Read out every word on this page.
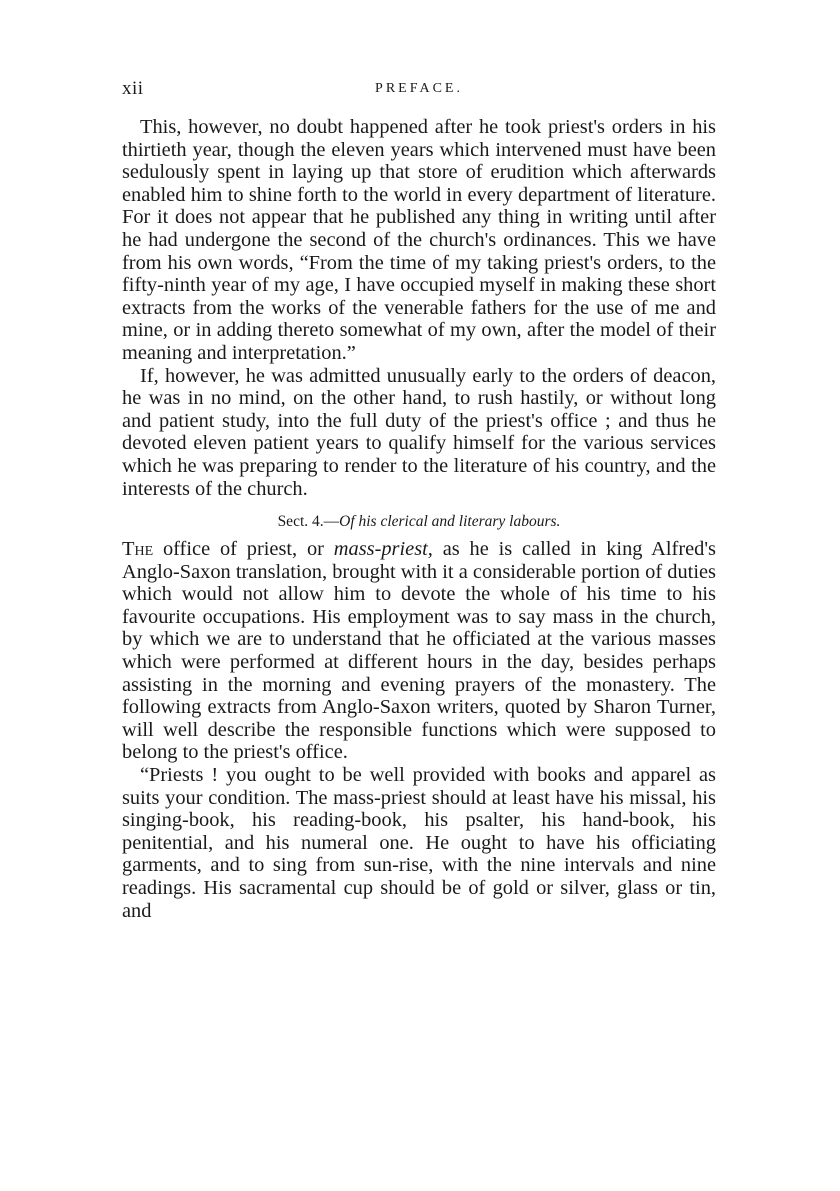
xii	PREFACE.

This, however, no doubt happened after he took priest's orders in his thirtieth year, though the eleven years which intervened must have been sedulously spent in laying up that store of erudition which afterwards enabled him to shine forth to the world in every department of literature. For it does not appear that he published any thing in writing until after he had undergone the second of the church's ordinances. This we have from his own words, “From the time of my taking priest's orders, to the fifty-ninth year of my age, I have occupied myself in making these short extracts from the works of the venerable fathers for the use of me and mine, or in adding thereto somewhat of my own, after the model of their meaning and interpretation.”

If, however, he was admitted unusually early to the orders of deacon, he was in no mind, on the other hand, to rush hastily, or without long and patient study, into the full duty of the priest's office ; and thus he devoted eleven patient years to qualify himself for the various services which he was preparing to render to the literature of his country, and the interests of the church.

Sect. 4.—Of his clerical and literary labours.

The office of priest, or mass-priest, as he is called in king Alfred's Anglo-Saxon translation, brought with it a considerable portion of duties which would not allow him to devote the whole of his time to his favourite occupations. His employment was to say mass in the church, by which we are to understand that he officiated at the various masses which were performed at different hours in the day, besides perhaps assisting in the morning and evening prayers of the monastery. The following extracts from Anglo-Saxon writers, quoted by Sharon Turner, will well describe the responsible functions which were supposed to belong to the priest's office.

“Priests ! you ought to be well provided with books and apparel as suits your condition. The mass-priest should at least have his missal, his singing-book, his reading-book, his psalter, his hand-book, his penitential, and his numeral one. He ought to have his officiating garments, and to sing from sun-rise, with the nine intervals and nine readings. His sacramental cup should be of gold or silver, glass or tin, and
